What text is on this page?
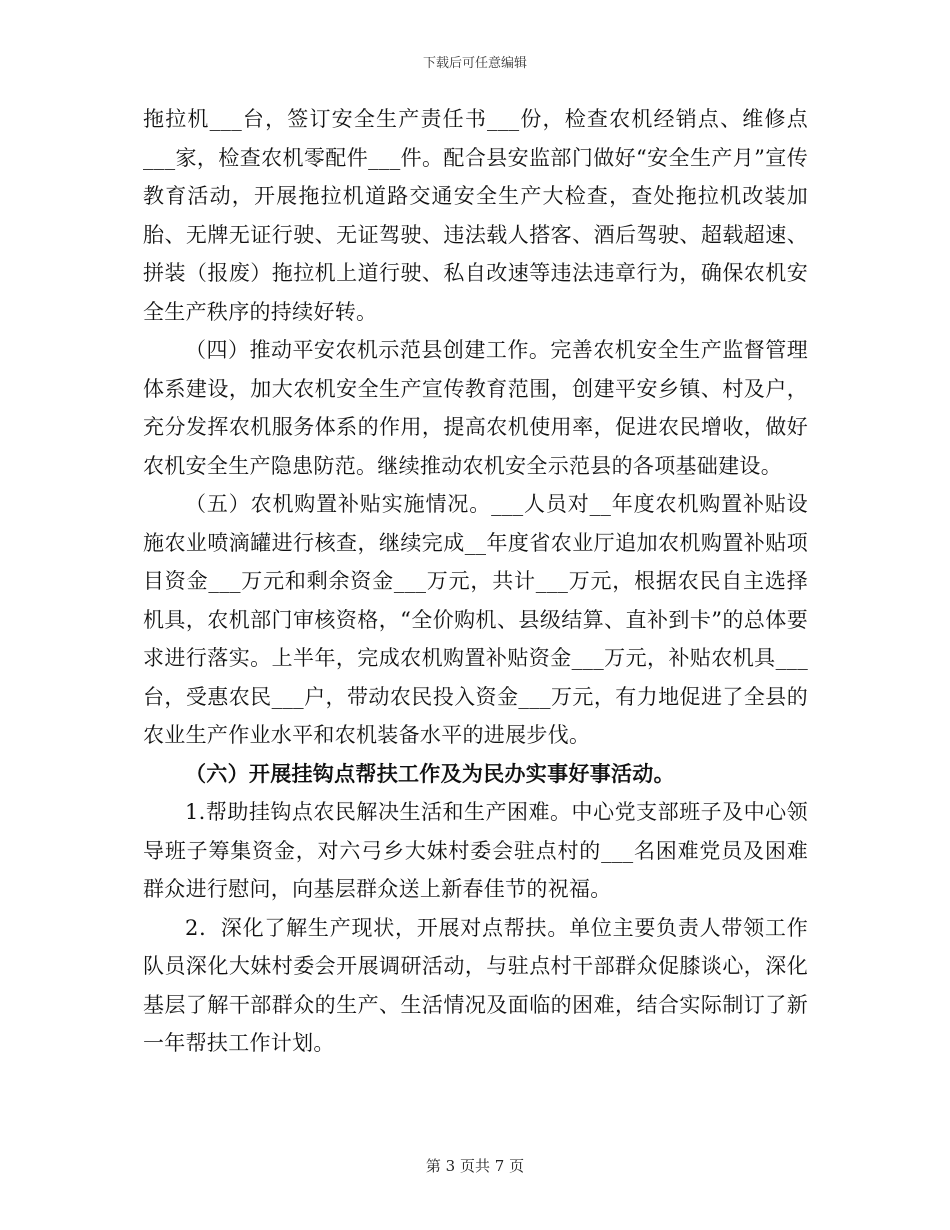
下载后可任意编辑

拖拉机___台，签订安全生产责任书___份，检查农机经销点、维修点___家，检查农机零配件___件。配合县安监部门做好“安全生产月”宣传教育活动，开展拖拉机道路交通安全生产大检查，查处拖拉机改装加胎、无牌无证行驶、无证驾驶、违法载人搭客、酒后驾驶、超载超速、拼装（报废）拖拉机上道行驶、私自改速等违法违章行为，确保农机安全生产秩序的持续好转。

（四）推动平安农机示范县创建工作。完善农机安全生产监督管理体系建设，加大农机安全生产宣传教育范围，创建平安乡镇、村及户，充分发挥农机服务体系的作用，提高农机使用率，促进农民增收，做好农机安全生产隐患防范。继续推动农机安全示范县的各项基础建设。

（五）农机购置补贴实施情况。___人员对__年度农机购置补贴设施农业喷滴罐进行核查，继续完成__年度省农业厅追加农机购置补贴项目资金___万元和剩余资金___万元，共计___万元，根据农民自主选择机具，农机部门审核资格，“全价购机、县级结算、直补到卡”的总体要求进行落实。上半年，完成农机购置补贴资金___万元，补贴农机具___台，受惠农民___户，带动农民投入资金___万元，有力地促进了全县的农业生产作业水平和农机装备水平的进展步伐。

（六）开展挂钩点帮扶工作及为民办实事好事活动。

1.帮助挂钩点农民解决生活和生产困难。中心党支部班子及中心领导班子筹集资金，对六弓乡大妹村委会驻点村的___名困难党员及困难群众进行慰问，向基层群众送上新春佳节的祝福。

2．深化了解生产现状，开展对点帮扶。单位主要负责人带领工作队员深化大妹村委会开展调研活动，与驻点村干部群众促膝谈心，深化基层了解干部群众的生产、生活情况及面临的困难，结合实际制订了新一年帮扶工作计划。

第 3 页共 7 页
